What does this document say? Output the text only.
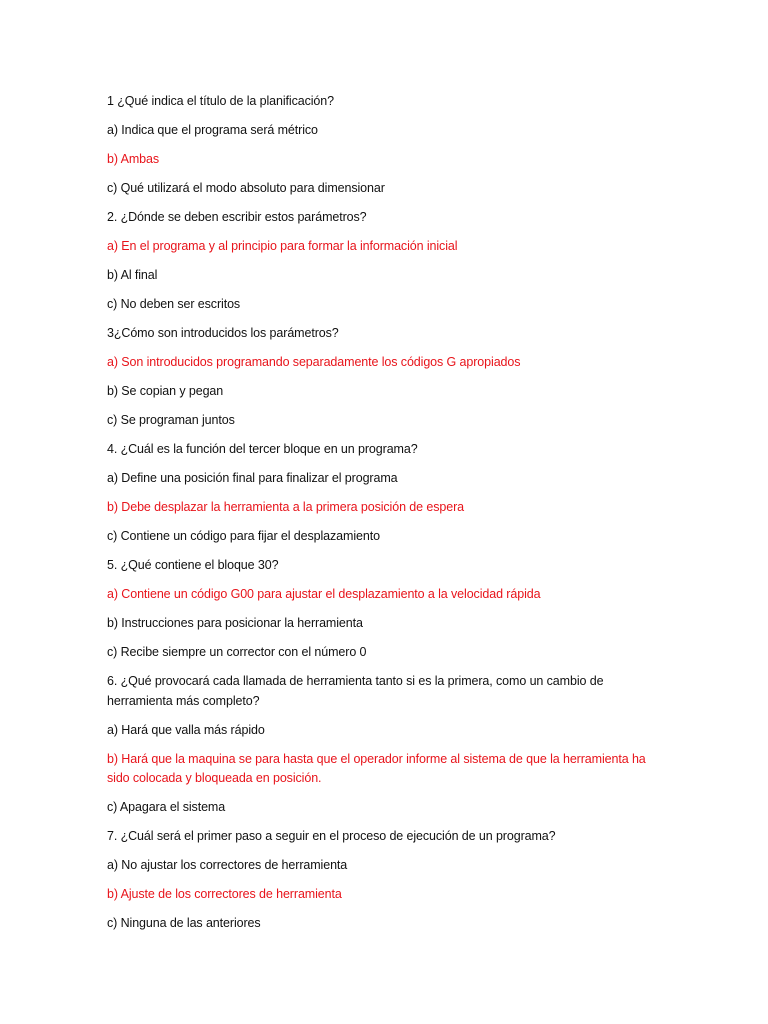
1 ¿Qué indica el título de la planificación?

a) Indica que el programa será métrico

b) Ambas

c) Qué utilizará el modo absoluto para dimensionar

2. ¿Dónde se deben escribir estos parámetros?

a) En el programa y al principio para formar la información inicial

b) Al final

c) No deben ser escritos

3¿Cómo son introducidos los parámetros?

a) Son introducidos programando separadamente los códigos G apropiados

b) Se copian y pegan

c) Se programan juntos

4. ¿Cuál es la función del tercer bloque en un programa?

a) Define una posición final para finalizar el programa

b) Debe desplazar la herramienta a la primera posición de espera

c) Contiene un código para fijar el desplazamiento

5. ¿Qué contiene el bloque 30?

a) Contiene un código G00 para ajustar el desplazamiento a la velocidad rápida

b) Instrucciones para posicionar la herramienta

c) Recibe siempre un corrector con el número 0

6. ¿Qué provocará cada llamada de herramienta tanto si es la primera, como un cambio de herramienta más completo?

a) Hará que valla más rápido

b) Hará que la maquina se para hasta que el operador informe al sistema de que la herramienta ha sido colocada y bloqueada en posición.

c) Apagara el sistema

7. ¿Cuál será el primer paso a seguir en el proceso de ejecución de un programa?

a) No ajustar los correctores de herramienta

b) Ajuste de los correctores de herramienta

c) Ninguna de las anteriores
